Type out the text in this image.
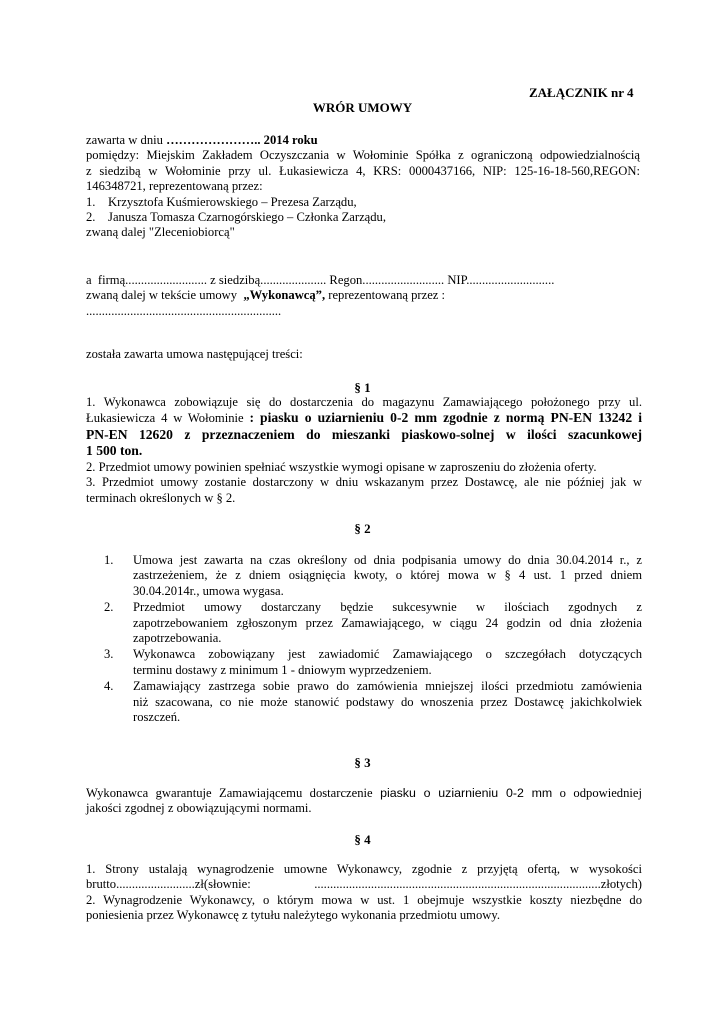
ZAŁĄCZNIK nr 4
WRÓR UMOWY
zawarta w dniu ………………….. 2014 roku
pomiędzy: Miejskim Zakładem Oczyszczania w Wołominie Spółka z ograniczoną odpowiedzialnością
z siedzibą w Wołominie przy ul. Łukasiewicza 4, KRS: 0000437166, NIP: 125-16-18-560,REGON:
146348721, reprezentowaną przez:
1.    Krzysztofa Kuśmierowskiego – Prezesa Zarządu,
2.    Janusza Tomasza Czarnogórskiego – Członka Zarządu,
zwaną dalej "Zleceniobiorcą"
a  firmą.......................... z siedzibą..................... Regon.......................... NIP............................
zwaną dalej w tekście umowy  „Wykonawcą”, reprezentowaną przez :
..............................................................
została zawarta umowa następującej treści:
§ 1
1. Wykonawca zobowiązuje się do dostarczenia do magazynu Zamawiającego położonego przy ul.
Łukasiewicza 4 w Wołominie : piasku o uziarnieniu 0-2 mm zgodnie z normą PN-EN 13242 i
PN-EN 12620 z przeznaczeniem do mieszanki piaskowo-solnej w ilości szacunkowej
1 500 ton.
2. Przedmiot umowy powinien spełniać wszystkie wymogi opisane w zaproszeniu do złożenia oferty.
3. Przedmiot umowy zostanie dostarczony w dniu wskazanym przez Dostawcę, ale nie później jak w
terminach określonych w § 2.
§ 2
1. Umowa jest zawarta na czas określony od dnia podpisania umowy do dnia 30.04.2014 r., z
zastrzeżeniem, że z dniem osiągnięcia kwoty, o której mowa w § 4 ust. 1 przed dniem
30.04.2014r., umowa wygasa.
2. Przedmiot umowy dostarczany będzie sukcesywnie w ilościach zgodnych z
zapotrzebowaniem zgłoszonym przez Zamawiającego, w ciągu 24 godzin od dnia złożenia
zapotrzebowania.
3. Wykonawca zobowiązany jest zawiadomić Zamawiającego o szczegółach dotyczących
terminu dostawy z minimum 1 - dniowym wyprzedzeniem.
4. Zamawiający zastrzega sobie prawo do zamówienia mniejszej ilości przedmiotu zamówienia
niż szacowana, co nie może stanowić podstawy do wnoszenia przez Dostawcę jakichkolwiek
roszczeń.
§ 3
Wykonawca gwarantuje Zamawiającemu dostarczenie piasku o uziarnieniu 0-2 mm o odpowiedniej
jakości zgodnej z obowiązującymi normami.
§ 4
1. Strony ustalają wynagrodzenie umowne Wykonawcy, zgodnie z przyjętą ofertą, w wysokości
brutto.........................zł(słownie: ...........................................................................................złotych)
2. Wynagrodzenie Wykonawcy, o którym mowa w ust. 1 obejmuje wszystkie koszty niezbędne do
poniesienia przez Wykonawcę z tytułu należytego wykonania przedmiotu umowy.
